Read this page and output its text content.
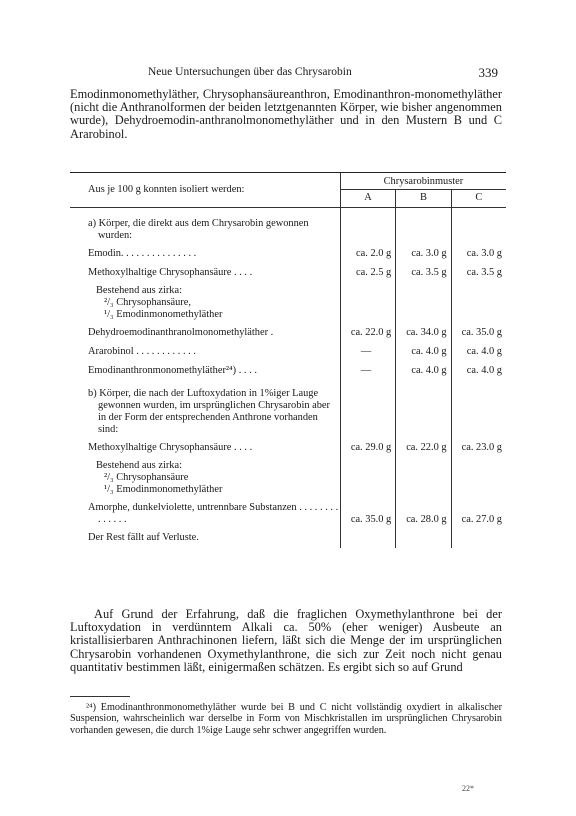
Neue Untersuchungen über das Chrysarobin	339

Emodinmonomethyläther, Chrysophansäureanthron, Emodinanthron-monomethyläther (nicht die Anthranolformen der beiden letztgenannten Körper, wie bisher angenommen wurde), Dehydroemodin-anthranolmonomethyläther und in den Mustern B und C Ararobinol.

Aus je 100 g konnten isoliert werden:	Chrysarobinmuster		
	A	B	C
a) Körper, die direkt aus dem Chrysarobin gewonnen wurden:			
Emodin. . . . . . . . . . . . . . .	ca. 2.0 g	ca. 3.0 g	ca. 3.0 g
Methoxylhaltige Chrysophansäure . . . .	ca. 2.5 g	ca. 3.5 g	ca. 3.5 g

Bestehend aus zirka:
²/₃ Chrysophansäure,
¹/₃ Emodinmonomethyläther			

Dehydroemodinanthranolmonomethyläther .	ca. 22.0 g	ca. 34.0 g	ca. 35.0 g
Ararobinol . . . . . . . . . . . .	—	ca. 4.0 g	ca. 4.0 g
Emodinanthronmonomethyläther²⁴) . . . .	—	ca. 4.0 g	ca. 4.0 g
b) Körper, die nach der Luftoxydation in 1%iger Lauge gewonnen wurden, im ursprünglichen Chrysarobin aber in der Form der entsprechenden Anthrone vorhanden sind:			
Methoxylhaltige Chrysophansäure . . . .	ca. 29.0 g	ca. 22.0 g	ca. 23.0 g

Bestehend aus zirka:
²/₃ Chrysophansäure
¹/₃ Emodinmonomethyläther			

Amorphe, dunkelviolette, untrennbare Substanzen . . . . . . . . . . . . . .	ca. 35.0 g	ca. 28.0 g	ca. 27.0 g
Der Rest fällt auf Verluste.			

Auf Grund der Erfahrung, daß die fraglichen Oxymethylanthrone bei der Luftoxydation in verdünntem Alkali ca. 50% (eher weniger) Ausbeute an kristallisierbaren Anthrachinonen liefern, läßt sich die Menge der im ursprünglichen Chrysarobin vorhandenen Oxymethylanthrone, die sich zur Zeit noch nicht genau quantitativ bestimmen läßt, einigermaßen schätzen. Es ergibt sich so auf Grund

²⁴) Emodinanthronmonomethyläther wurde bei B und C nicht vollständig oxydiert in alkalischer Suspension, wahrscheinlich war derselbe in Form von Mischkristallen im ursprünglichen Chrysarobin vorhanden gewesen, die durch 1%ige Lauge sehr schwer angegriffen wurden.

22*
